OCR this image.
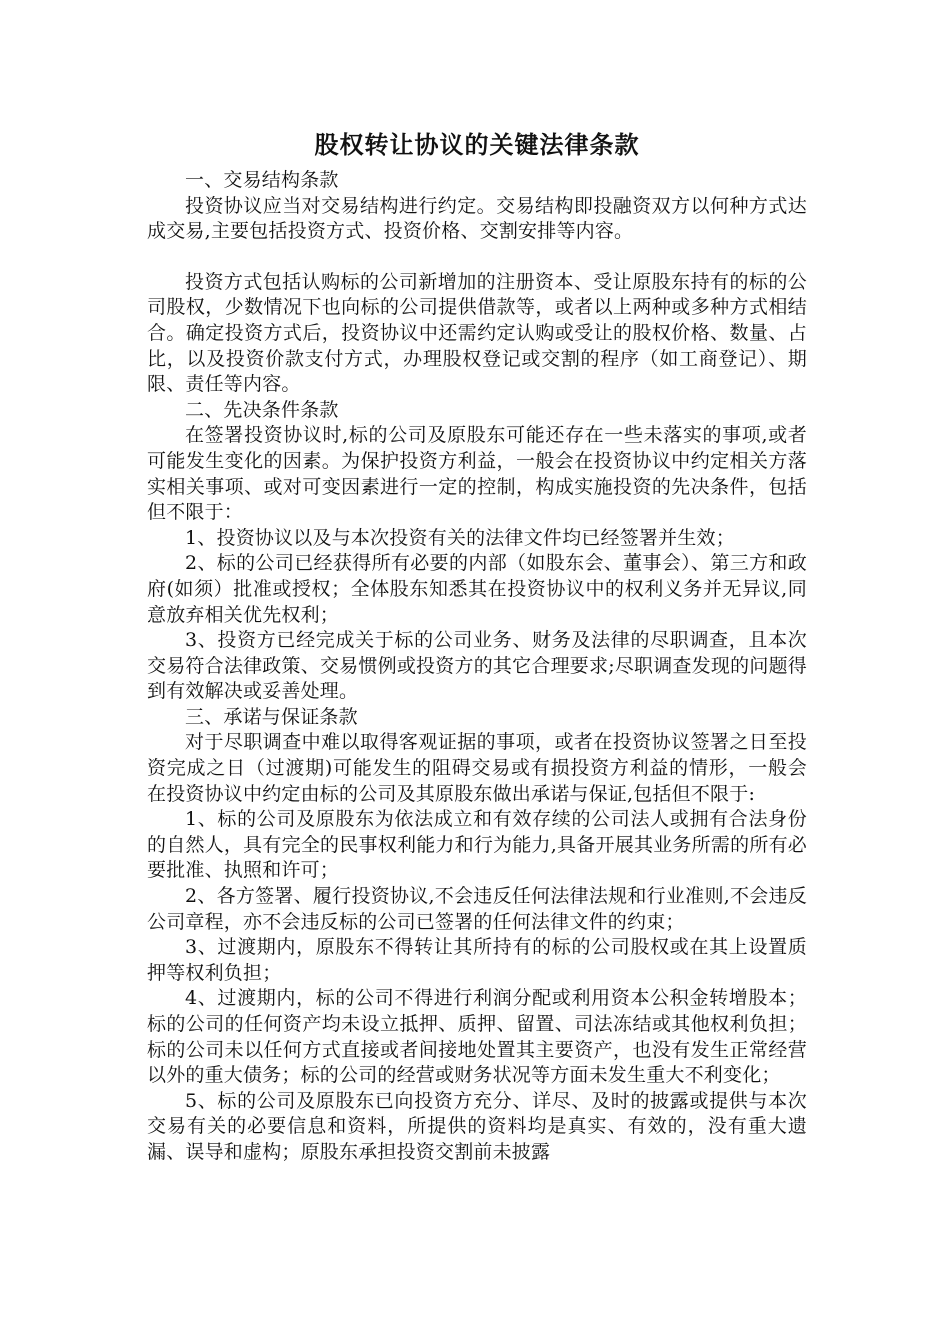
股权转让协议的关键法律条款

一、交易结构条款

投资协议应当对交易结构进行约定。交易结构即投融资双方以何种方式达成交易,主要包括投资方式、投资价格、交割安排等内容。

投资方式包括认购标的公司新增加的注册资本、受让原股东持有的标的公司股权，少数情况下也向标的公司提供借款等，或者以上两种或多种方式相结合。确定投资方式后，投资协议中还需约定认购或受让的股权价格、数量、占比，以及投资价款支付方式，办理股权登记或交割的程序（如工商登记）、期限、责任等内容。

二、先决条件条款

在签署投资协议时,标的公司及原股东可能还存在一些未落实的事项,或者可能发生变化的因素。为保护投资方利益，一般会在投资协议中约定相关方落实相关事项、或对可变因素进行一定的控制，构成实施投资的先决条件，包括但不限于：

1、投资协议以及与本次投资有关的法律文件均已经签署并生效；

2、标的公司已经获得所有必要的内部（如股东会、董事会）、第三方和政府(如须）批准或授权；全体股东知悉其在投资协议中的权利义务并无异议,同意放弃相关优先权利；

3、投资方已经完成关于标的公司业务、财务及法律的尽职调查，且本次交易符合法律政策、交易惯例或投资方的其它合理要求;尽职调查发现的问题得到有效解决或妥善处理。

三、承诺与保证条款

对于尽职调查中难以取得客观证据的事项，或者在投资协议签署之日至投资完成之日（过渡期)可能发生的阻碍交易或有损投资方利益的情形，一般会在投资协议中约定由标的公司及其原股东做出承诺与保证,包括但不限于:

1、标的公司及原股东为依法成立和有效存续的公司法人或拥有合法身份的自然人，具有完全的民事权利能力和行为能力,具备开展其业务所需的所有必要批准、执照和许可；

2、各方签署、履行投资协议,不会违反任何法律法规和行业准则,不会违反公司章程，亦不会违反标的公司已签署的任何法律文件的约束；

3、过渡期内，原股东不得转让其所持有的标的公司股权或在其上设置质押等权利负担；

4、过渡期内，标的公司不得进行利润分配或利用资本公积金转增股本；标的公司的任何资产均未设立抵押、质押、留置、司法冻结或其他权利负担；标的公司未以任何方式直接或者间接地处置其主要资产，也没有发生正常经营以外的重大债务；标的公司的经营或财务状况等方面未发生重大不利变化；

5、标的公司及原股东已向投资方充分、详尽、及时的披露或提供与本次交易有关的必要信息和资料，所提供的资料均是真实、有效的，没有重大遗漏、误导和虚构；原股东承担投资交割前未披露
